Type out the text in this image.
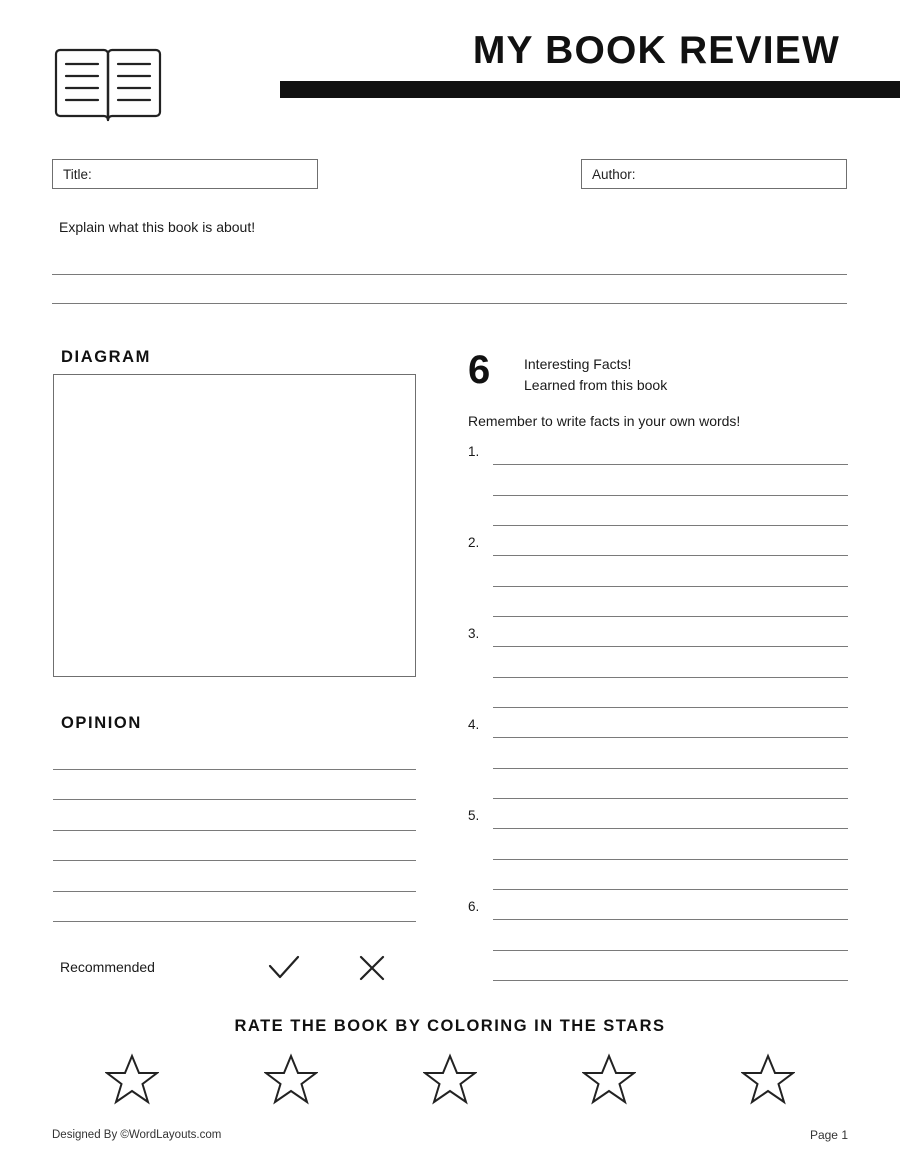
MY BOOK REVIEW
Title:	Author:
Explain what this book is about!
DIAGRAM
OPINION
Recommended
6 Interesting Facts!
Learned from this book
Remember to write facts in your own words!
1.
2.
3.
4.
5.
6.
RATE THE BOOK BY COLORING IN THE STARS
Designed By ©WordLayouts.com	Page 1
